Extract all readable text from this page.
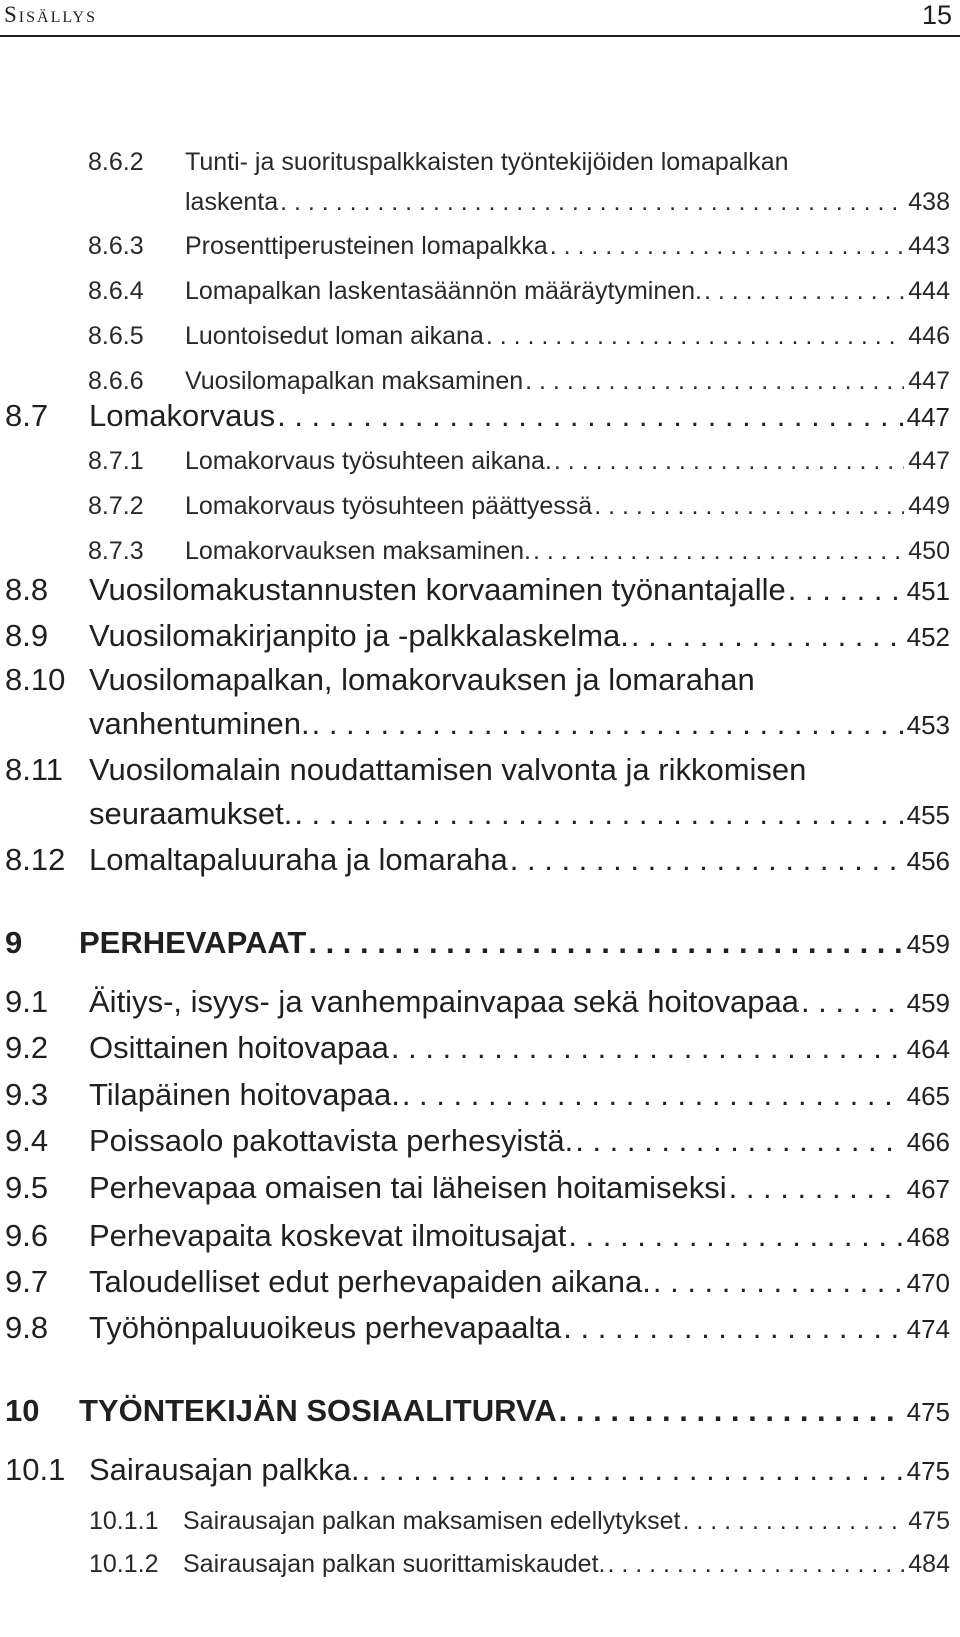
Sisällys	15
8.6.2 Tunti- ja suorituspalkkaisten työntekijöiden lomapalkan
laskenta . . .	438
8.6.3 Prosenttiperusteinen lomapalkka . . .	443
8.6.4 Lomapalkan laskentasäännön määräytyminen. . . .	444
8.6.5 Luontoisedut loman aikana . . .	446
8.6.6 Vuosilomapalkan maksaminen . . .	447
8.7 Lomakorvaus . . .	447
8.7.1 Lomakorvaus työsuhteen aikana. . . .	447
8.7.2 Lomakorvaus työsuhteen päättyessä . . .	449
8.7.3 Lomakorvauksen maksaminen. . . .	450
8.8 Vuosilomakustannusten korvaaminen työnantajalle . . .	451
8.9 Vuosilomakirjanpito ja -palkkalaskelma. . . .	452
8.10 Vuosilomapalkan, lomakorvauksen ja lomarahan
vanhentuminen. . . .	453
8.11 Vuosilomalain noudattamisen valvonta ja rikkomisen
seuraamukset. . . .	455
8.12 Lomaltapaluuraha ja lomaraha . . .	456
9 PERHEVAPAAT . . .	459
9.1 Äitiys-, isyys- ja vanhempainvapaa sekä hoitovapaa . . .	459
9.2 Osittainen hoitovapaa . . .	464
9.3 Tilapäinen hoitovapaa. . . .	465
9.4 Poissaolo pakottavista perhesyistä. . . .	466
9.5 Perhevapaa omaisen tai läheisen hoitamiseksi . . .	467
9.6 Perhevapaita koskevat ilmoitusajat . . .	468
9.7 Taloudelliset edut perhevapaiden aikana. . . .	470
9.8 Työhönpaluuoikeus perhevapaalta . . .	474
10 TYÖNTEKIJÄN SOSIAALITURVA . . .	475
10.1 Sairausajan palkka. . . .	475
10.1.1 Sairausajan palkan maksamisen edellytykset . . .	475
10.1.2 Sairausajan palkan suorittamiskaudet. . . .	484
